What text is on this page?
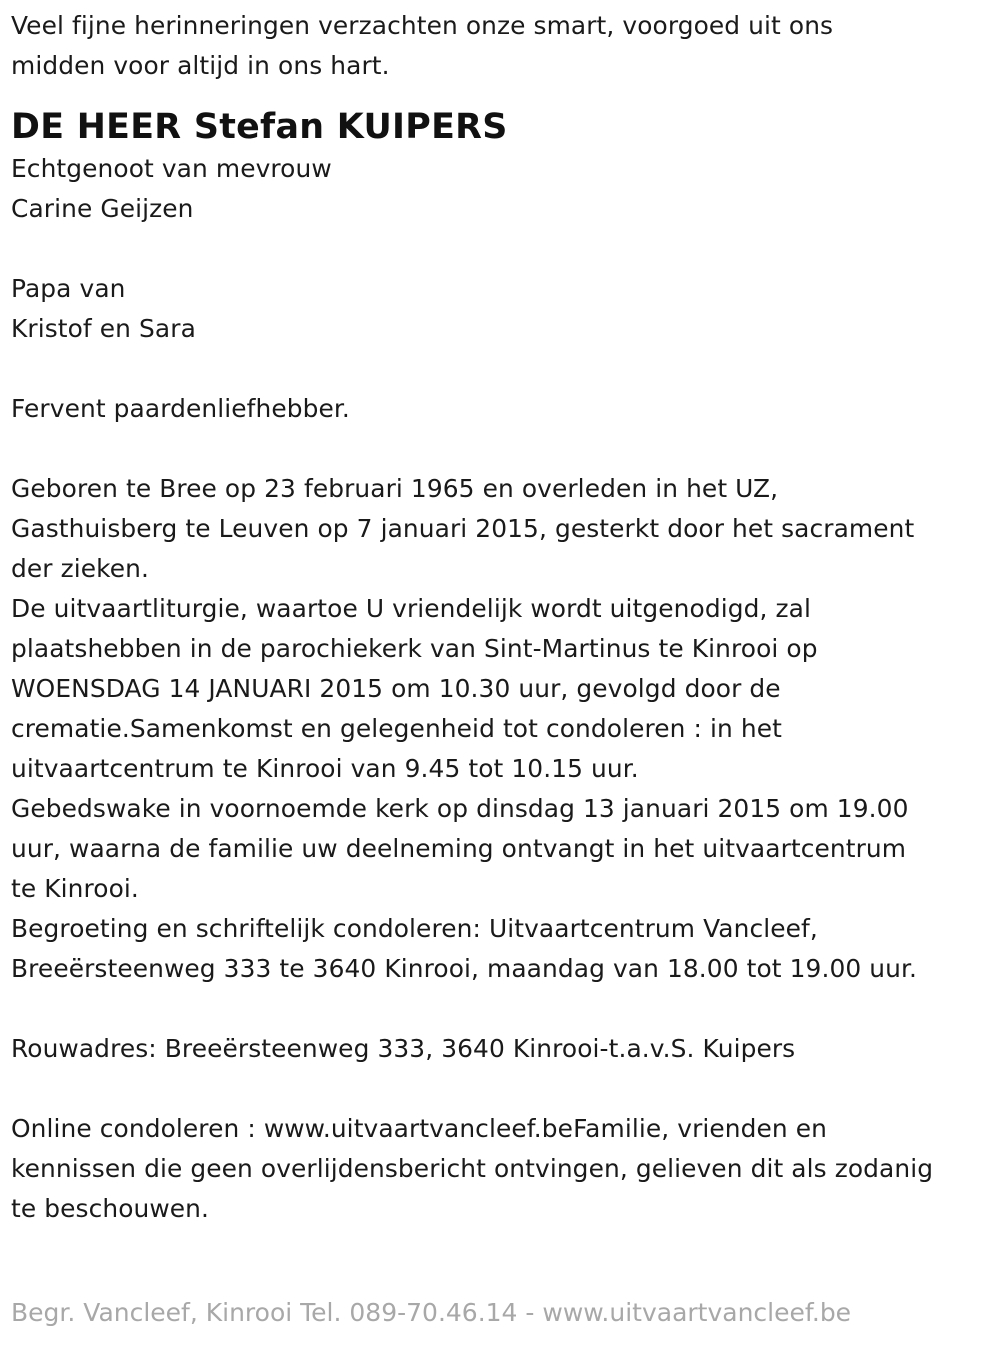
Veel fijne herinneringen verzachten onze smart, voorgoed uit ons
midden voor altijd in ons hart.
DE HEER Stefan KUIPERS
Echtgenoot van mevrouw
Carine Geijzen
Papa van
Kristof en Sara
Fervent paardenliefhebber.
Geboren te Bree op 23 februari 1965 en overleden in het UZ,
Gasthuisberg te Leuven op 7 januari 2015, gesterkt door het sacrament
der zieken.
De uitvaartliturgie, waartoe U vriendelijk wordt uitgenodigd, zal
plaatshebben in de parochiekerk van Sint-Martinus te Kinrooi op
WOENSDAG 14 JANUARI 2015 om 10.30 uur, gevolgd door de
crematie.Samenkomst en gelegenheid tot condoleren : in het
uitvaartcentrum te Kinrooi van 9.45 tot 10.15 uur.
Gebedswake in voornoemde kerk op dinsdag 13 januari 2015 om 19.00
uur, waarna de familie uw deelneming ontvangt in het uitvaartcentrum
te Kinrooi.
Begroeting en schriftelijk condoleren: Uitvaartcentrum Vancleef,
Breeërsteenweg 333 te 3640 Kinrooi, maandag van 18.00 tot 19.00 uur.
Rouwadres: Breeërsteenweg 333, 3640 Kinrooi-t.a.v.S. Kuipers
Online condoleren : www.uitvaartvancleef.beFamilie, vrienden en
kennissen die geen overlijdensbericht ontvingen, gelieven dit als zodanig
te beschouwen.
Begr. Vancleef, Kinrooi Tel. 089-70.46.14 - www.uitvaartvancleef.be
